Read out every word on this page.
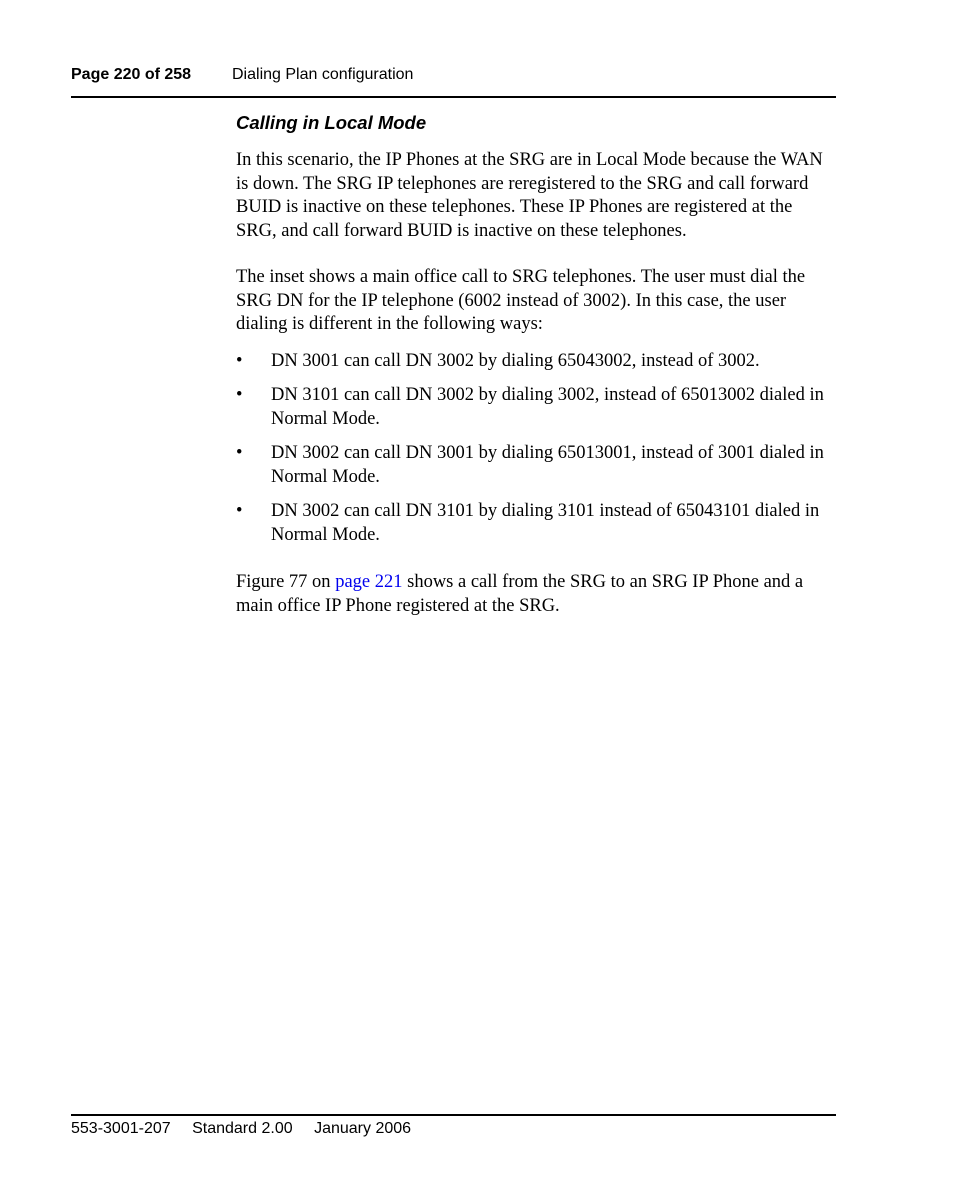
Page 220 of 258	Dialing Plan configuration
Calling in Local Mode

In this scenario, the IP Phones at the SRG are in Local Mode because the WAN is down. The SRG IP telephones are reregistered to the SRG and call forward BUID is inactive on these telephones. These IP Phones are registered at the SRG, and call forward BUID is inactive on these telephones.

The inset shows a main office call to SRG telephones. The user must dial the SRG DN for the IP telephone (6002 instead of 3002). In this case, the user dialing is different in the following ways:

• DN 3001 can call DN 3002 by dialing 65043002, instead of 3002.
• DN 3101 can call DN 3002 by dialing 3002, instead of 65013002 dialed in Normal Mode.
• DN 3002 can call DN 3001 by dialing 65013001, instead of 3001 dialed in Normal Mode.
• DN 3002 can call DN 3101 by dialing 3101 instead of 65043101 dialed in Normal Mode.

Figure 77 on page 221 shows a call from the SRG to an SRG IP Phone and a main office IP Phone registered at the SRG.

553-3001-207 Standard 2.00 January 2006
